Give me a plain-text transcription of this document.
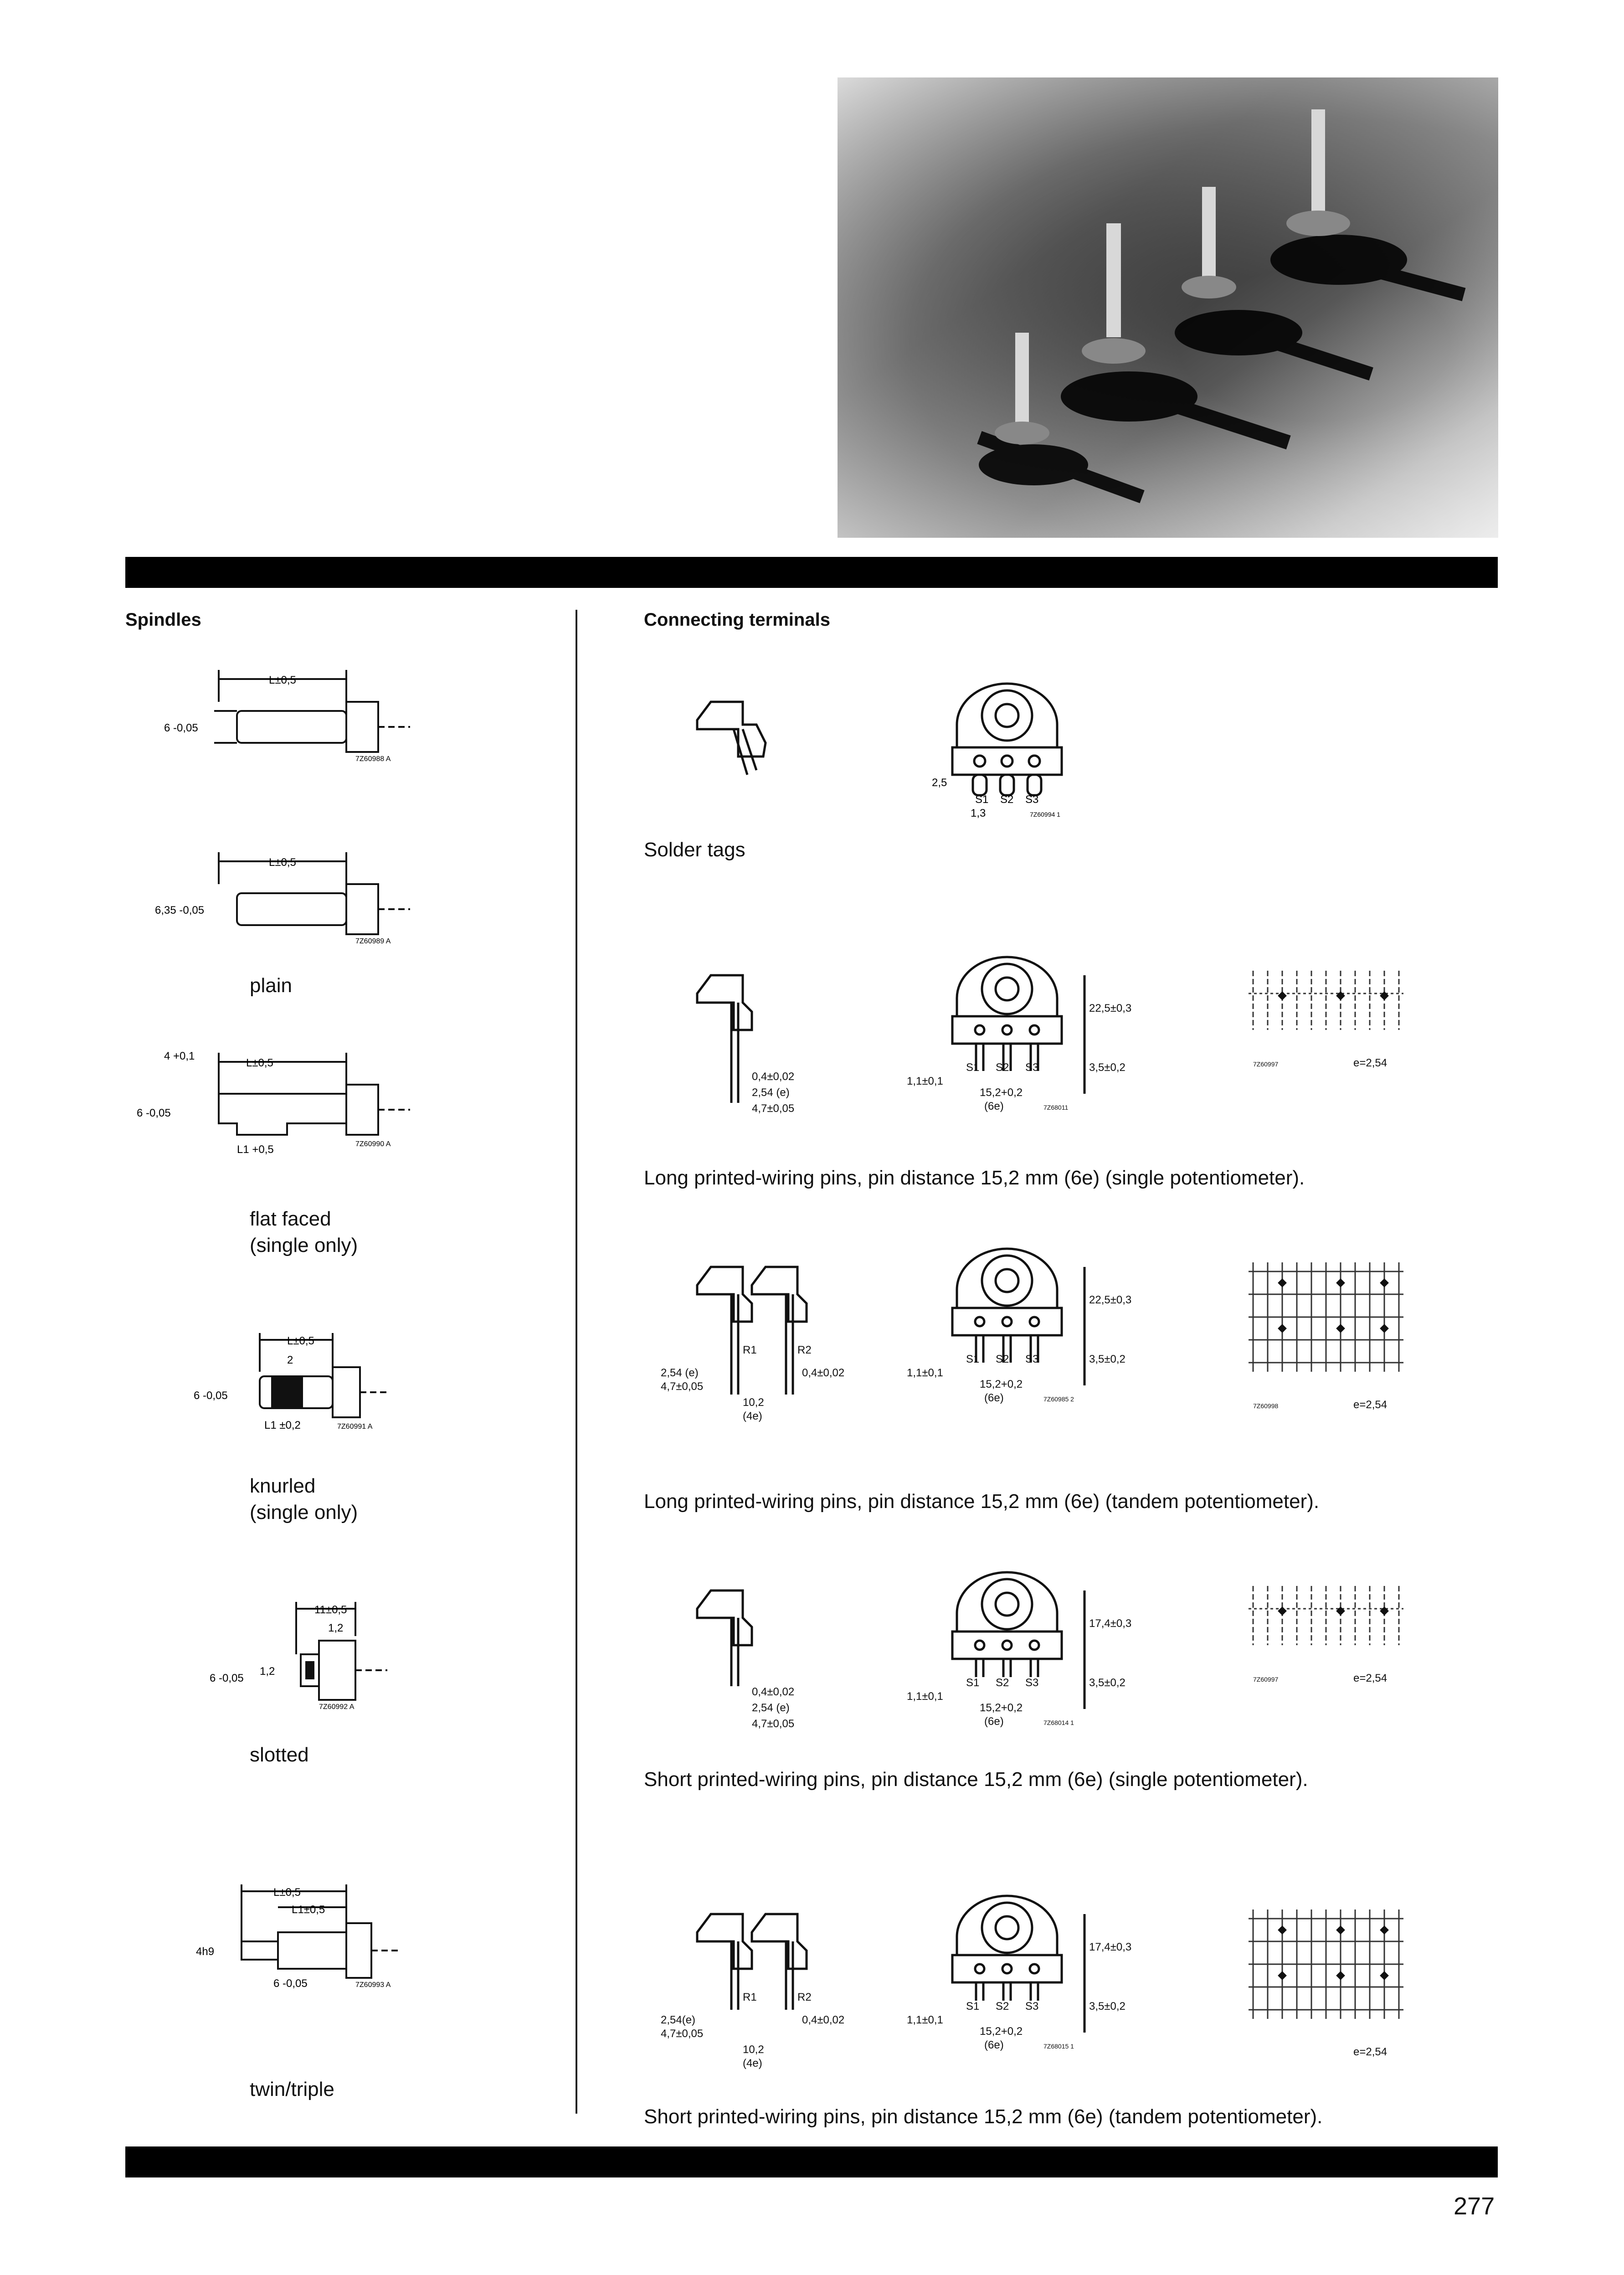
Spindles	Connecting terminals
L±0,5
6 -0,05
7Z60988 A
L±0,5
6,35 -0,05
7Z60989 A
plain
L±0,5
4 +0,1
6 -0,05
L1 +0,5	7Z60990 A
flat faced
(single only)
L±0,5
2
6 -0,05
L1 ±0,2	7Z60991 A
knurled
(single only)
11±0,5
1,2
1,2
6 -0,05
7Z60992 A
slotted
L±0,5
L1±0,5
4h9
6 -0,05	7Z60993 A
twin/triple
2,5
S1 S2 S3
1,3	7Z60994 1
Solder tags
0,4±0,02
2,54 (e)
4,7±0,05
22,5±0,3
S1 S2 S3	3,5±0,2
1,1±0,1
15,2+0,2
(6e)	7Z68011
7Z60997	e=2,54
Long printed-wiring pins, pin distance 15,2 mm (6e) (single potentiometer).
R1	R2
2,54 (e)
4,7±0,05
0,4±0,02
10,2
(4e)
22,5±0,3
S1 S2 S3	3,5±0,2
1,1±0,1
15,2+0,2
(6e)	7Z60985 2
7Z60998	e=2,54
Long printed-wiring pins, pin distance 15,2 mm (6e) (tandem potentiometer).
0,4±0,02
2,54 (e)
4,7±0,05
17,4±0,3
S1 S2 S3	3,5±0,2
1,1±0,1
15,2+0,2
(6e)	7Z68014 1
7Z60997	e=2,54
Short printed-wiring pins, pin distance 15,2 mm (6e) (single potentiometer).
R1	R2
2,54(e)
4,7±0,05
0,4±0,02
10,2
(4e)
17,4±0,3
S1 S2 S3	3,5±0,2
1,1±0,1
15,2+0,2
(6e)	7Z68015 1	e=2,54
Short printed-wiring pins, pin distance 15,2 mm (6e) (tandem potentiometer).
277
